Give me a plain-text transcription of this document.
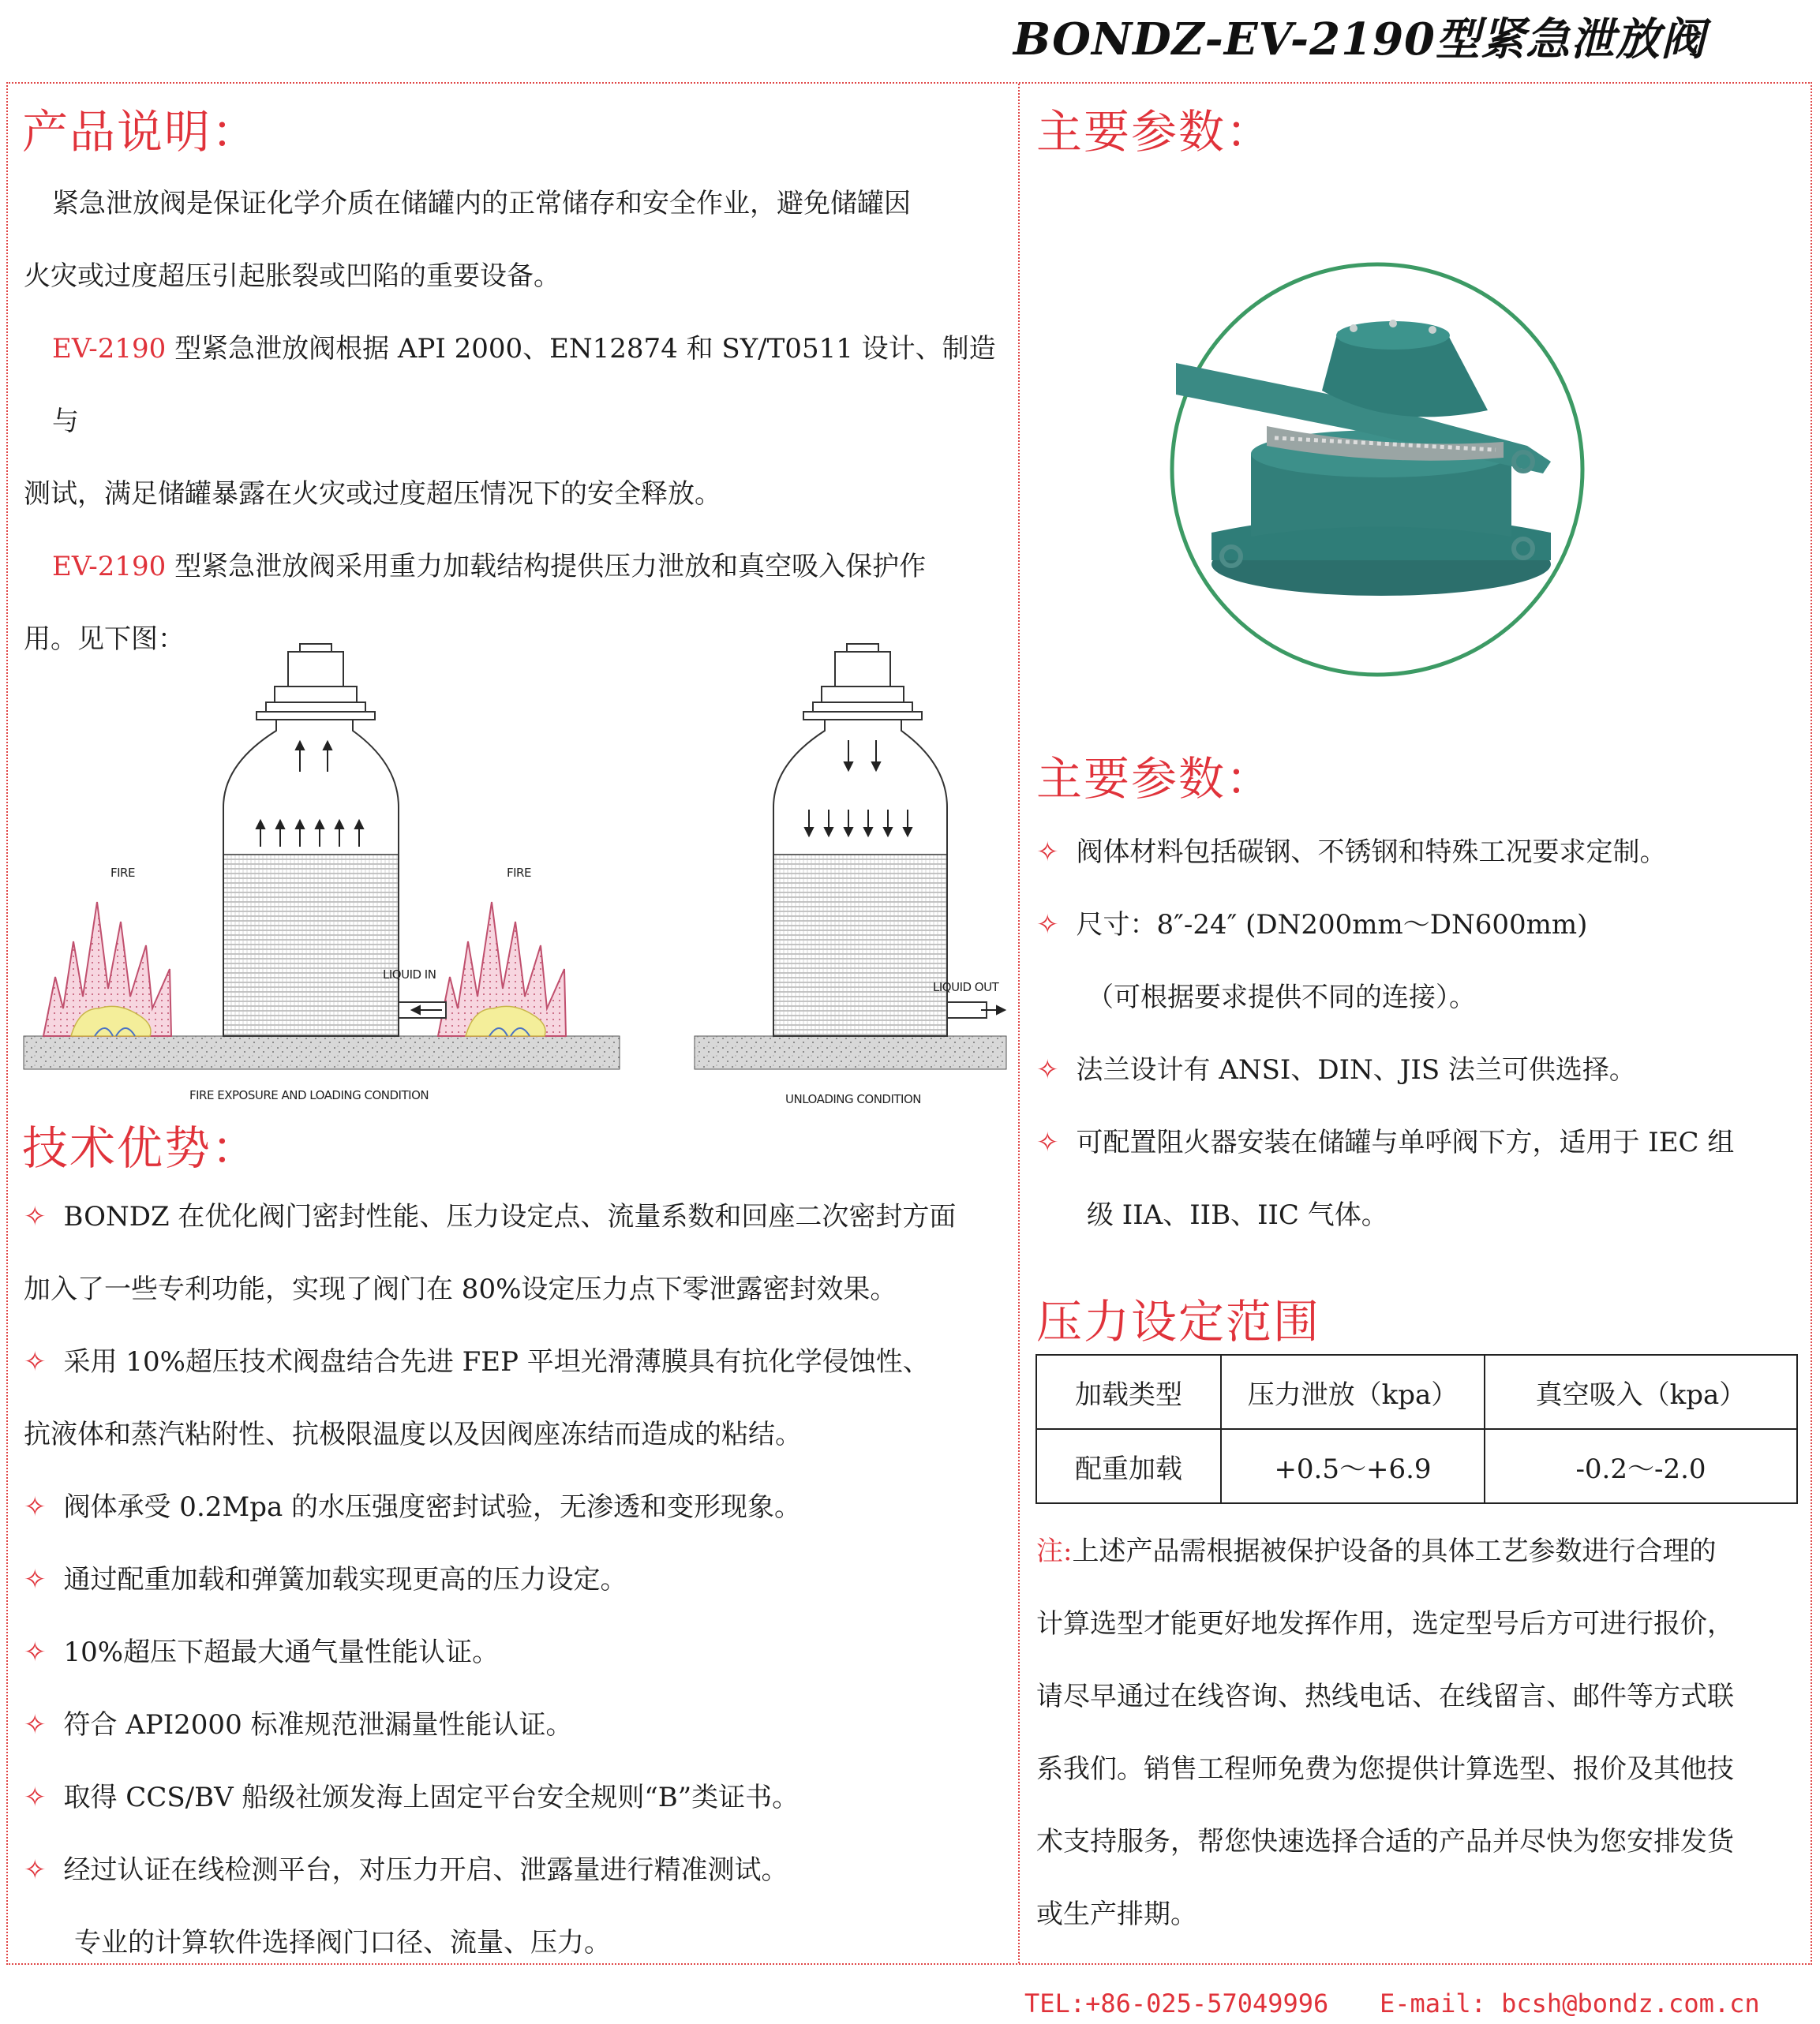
BONDZ-EV-2190型紧急泄放阀
产品说明：
紧急泄放阀是保证化学介质在储罐内的正常储存和安全作业，避免储罐因
火灾或过度超压引起胀裂或凹陷的重要设备。
EV-2190 型紧急泄放阀根据 API 2000、EN12874 和 SY/T0511 设计、制造与
测试，满足储罐暴露在火灾或过度超压情况下的安全释放。
EV-2190 型紧急泄放阀采用重力加载结构提供压力泄放和真空吸入保护作
用。见下图：
FIRE	FIRE
LIQUID IN
FIRE EXPOSURE AND LOADING CONDITION
LIQUID OUT
UNLOADING CONDITION
技术优势：
✧ BONDZ 在优化阀门密封性能、压力设定点、流量系数和回座二次密封方面
加入了一些专利功能，实现了阀门在 80%设定压力点下零泄露密封效果。
✧ 采用 10%超压技术阀盘结合先进 FEP 平坦光滑薄膜具有抗化学侵蚀性、
抗液体和蒸汽粘附性、抗极限温度以及因阀座冻结而造成的粘结。
✧ 阀体承受 0.2Mpa 的水压强度密封试验，无渗透和变形现象。
✧ 通过配重加载和弹簧加载实现更高的压力设定。
✧ 10%超压下超最大通气量性能认证。
✧ 符合 API2000 标准规范泄漏量性能认证。
✧ 取得 CCS/BV 船级社颁发海上固定平台安全规则“B”类证书。
✧ 经过认证在线检测平台，对压力开启、泄露量进行精准测试。
专业的计算软件选择阀门口径、流量、压力。
主要参数：
主要参数：
✧ 阀体材料包括碳钢、不锈钢和特殊工况要求定制。
✧ 尺寸：8″-24″ (DN200mm～DN600mm)
（可根据要求提供不同的连接）。
✧ 法兰设计有 ANSI、DIN、JIS 法兰可供选择。
✧ 可配置阻火器安装在储罐与单呼阀下方，适用于 IEC 组
级 IIA、IIB、IIC 气体。
压力设定范围
加载类型	压力泄放（kpa）	真空吸入（kpa）
配重加载	+0.5～+6.9	-0.2～-2.0
注:上述产品需根据被保护设备的具体工艺参数进行合理的
计算选型才能更好地发挥作用，选定型号后方可进行报价，
请尽早通过在线咨询、热线电话、在线留言、邮件等方式联
系我们。销售工程师免费为您提供计算选型、报价及其他技
术支持服务，帮您快速选择合适的产品并尽快为您安排发货
或生产排期。
TEL:+86-025-57049996 E-mail: bcsh@bondz.com.cn
